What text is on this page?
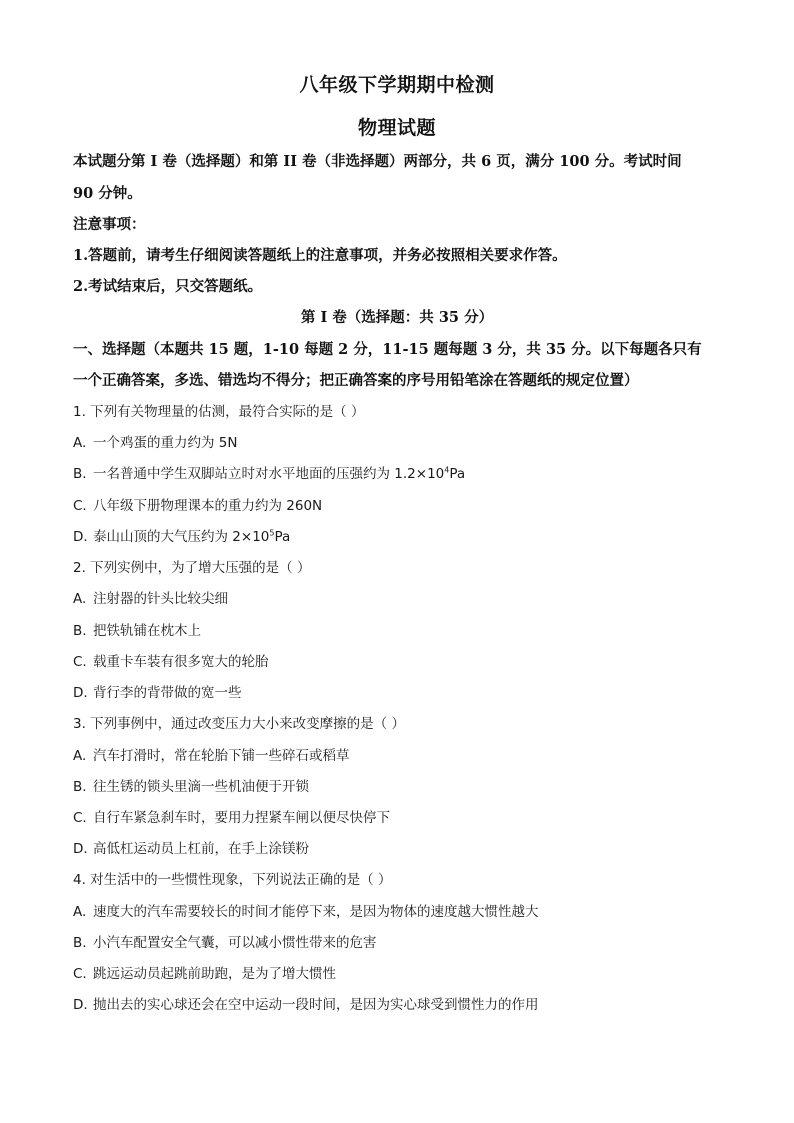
八年级下学期期中检测
物理试题
本试题分第 I 卷（选择题）和第 II 卷（非选择题）两部分，共 6 页，满分 100 分。考试时间
90 分钟。
注意事项：
1.答题前，请考生仔细阅读答题纸上的注意事项，并务必按照相关要求作答。
2.考试结束后，只交答题纸。
第 I 卷（选择题：共 35 分）
一、选择题（本题共 15 题，1-10 每题 2 分，11-15 题每题 3 分，共 35 分。以下每题各只有
一个正确答案，多选、错选均不得分；把正确答案的序号用铅笔涂在答题纸的规定位置）
1. 下列有关物理量的估测，最符合实际的是（ ）
A. 一个鸡蛋的重力约为 5N
B. 一名普通中学生双脚站立时对水平地面的压强约为 $1.2\times 10^4Pa$
C. 八年级下册物理课本的重力约为 260N
D. 泰山山顶的大气压约为 $2\times 10^5Pa$
2. 下列实例中，为了增大压强的是（ ）
A. 注射器的针头比较尖细
B. 把铁轨铺在枕木上
C. 载重卡车装有很多宽大的轮胎
D. 背行李的背带做的宽一些
3. 下列事例中，通过改变压力大小来改变摩擦的是（ ）
A. 汽车打滑时，常在轮胎下铺一些碎石或稻草
B. 往生锈的锁头里滴一些机油便于开锁
C. 自行车紧急刹车时，要用力捏紧车闸以便尽快停下
D. 高低杠运动员上杠前，在手上涂镁粉
4. 对生活中的一些惯性现象，下列说法正确的是（ ）
A. 速度大的汽车需要较长的时间才能停下来，是因为物体的速度越大惯性越大
B. 小汽车配置安全气囊，可以减小惯性带来的危害
C. 跳远运动员起跳前助跑，是为了增大惯性
D. 抛出去的实心球还会在空中运动一段时间，是因为实心球受到惯性力的作用
